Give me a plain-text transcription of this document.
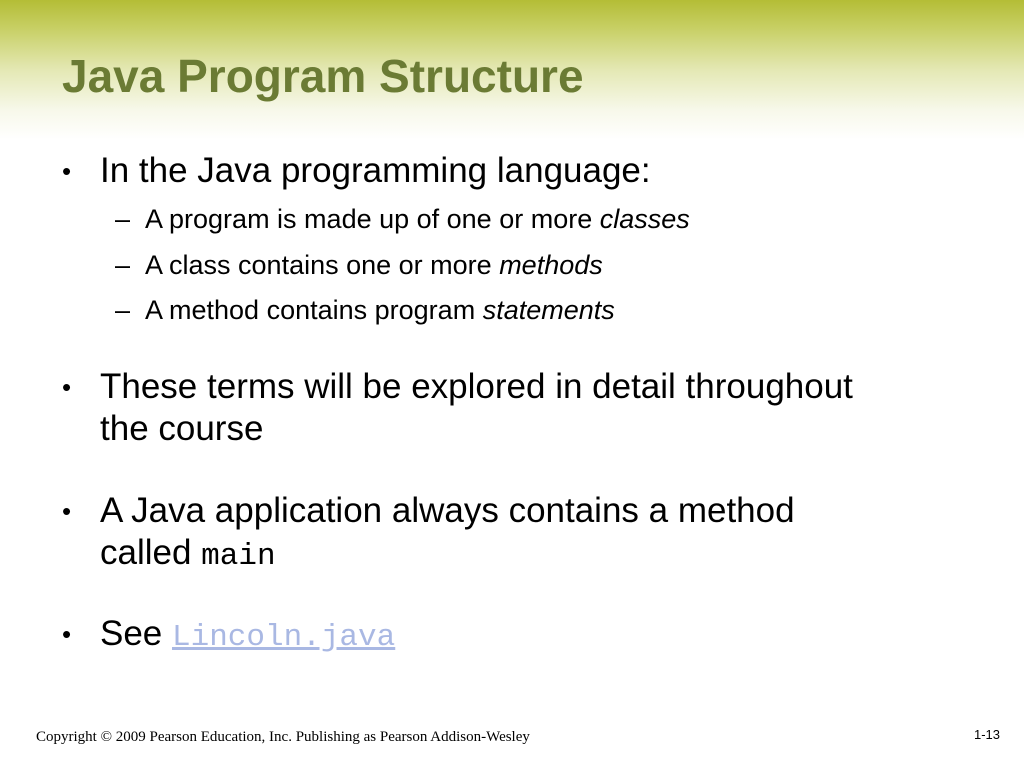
Java Program Structure
• In the Java programming language:
– A program is made up of one or more classes
– A class contains one or more methods
– A method contains program statements
• These terms will be explored in detail throughout
the course
• A Java application always contains a method
called main
• See Lincoln.java
Copyright © 2009 Pearson Education, Inc. Publishing as Pearson Addison-Wesley	1-13
